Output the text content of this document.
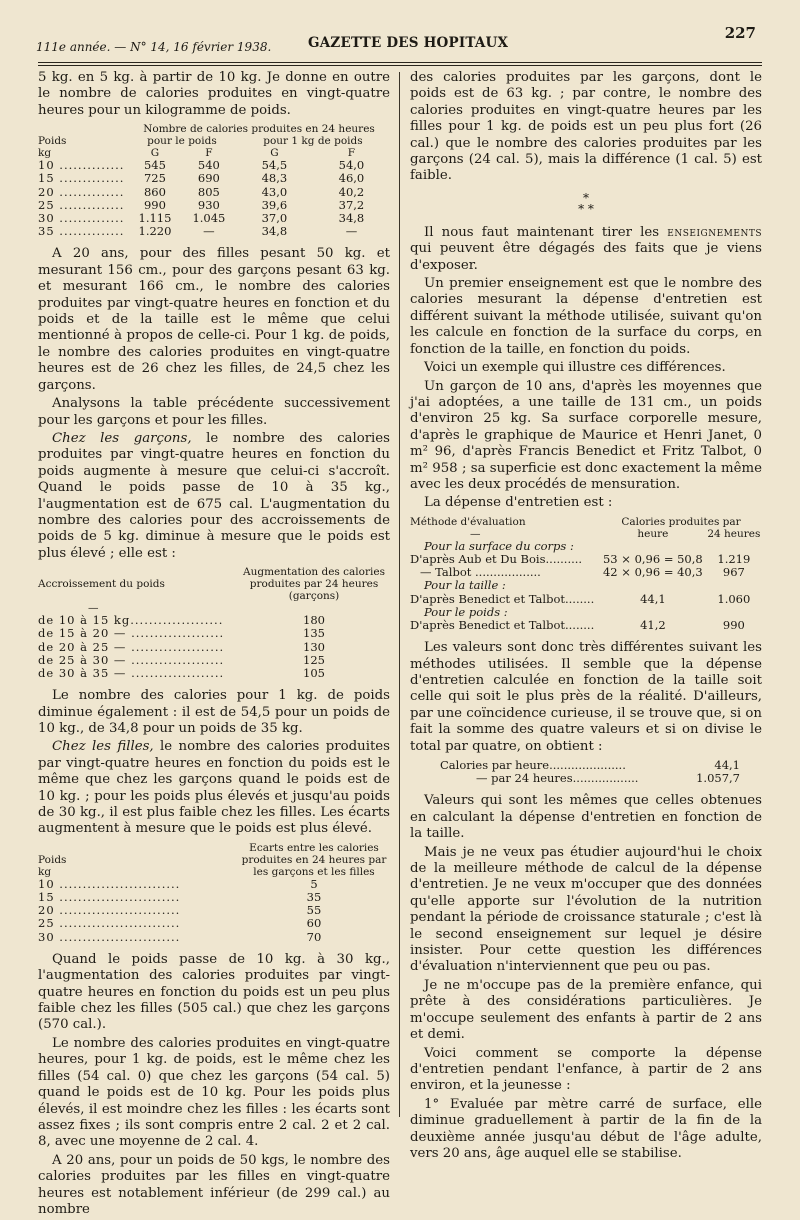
111e année. — N° 14, 16 février 1938.	GAZETTE DES HOPITAUX
227

5 kg. en 5 kg. à partir de 10 kg. Je donne en outre le nombre de calories produites en vingt-quatre heures pour un kilogramme de poids.

	Nombre de calories produites en 24 heures			
Poids	pour le poids		pour 1 kg de poids	
kg	G	F	G	F
10 ..............	545	540	54,5	54,0
15 ..............	725	690	48,3	46,0
20 ..............	860	805	43,0	40,2
25 ..............	990	930	39,6	37,2
30 ..............	1.115	1.045	37,0	34,8
35 ..............	1.220	—	34,8	—

A 20 ans, pour des filles pesant 50 kg. et mesurant 156 cm., pour des garçons pesant 63 kg. et mesurant 166 cm., le nombre des calories produites par vingt-quatre heures en fonction et du poids et de la taille est le même que celui mentionné à propos de celle-ci. Pour 1 kg. de poids, le nombre des calories produites en vingt-quatre heures est de 26 chez les filles, de 24,5 chez les garçons.

Analysons la table précédente successivement pour les garçons et pour les filles.

Chez les garçons, le nombre des calories produites par vingt-quatre heures en fonction du poids augmente à mesure que celui-ci s'accroît. Quand le poids passe de 10 à 35 kg., l'augmentation est de 675 cal. L'augmentation du nombre des calories pour des accroissements de poids de 5 kg. diminue à mesure que le poids est plus élevé ; elle est :

Accroissement du poids	Augmentation des calories produites par 24 heures (garçons)
—	
de 10 à 15 kg....................	180
de 15 à 20 — ....................	135
de 20 à 25 — ....................	130
de 25 à 30 — ....................	125
de 30 à 35 — ....................	105

Le nombre des calories pour 1 kg. de poids diminue également : il est de 54,5 pour un poids de 10 kg., de 34,8 pour un poids de 35 kg.

Chez les filles, le nombre des calories produites par vingt-quatre heures en fonction du poids est le même que chez les garçons quand le poids est de 10 kg. ; pour les poids plus élevés et jusqu'au poids de 30 kg., il est plus faible chez les filles. Les écarts augmentent à mesure que le poids est plus élevé.

Poids
kg	Ecarts entre les calories produites en 24 heures par les garçons et les filles
10 ..........................	5
15 ..........................	35
20 ..........................	55
25 ..........................	60
30 ..........................	70

Quand le poids passe de 10 kg. à 30 kg., l'augmentation des calories produites par vingt-quatre heures en fonction du poids est un peu plus faible chez les filles (505 cal.) que chez les garçons (570 cal.).

Le nombre des calories produites en vingt-quatre heures, pour 1 kg. de poids, est le même chez les filles (54 cal. 0) que chez les garçons (54 cal. 5) quand le poids est de 10 kg. Pour les poids plus élevés, il est moindre chez les filles : les écarts sont assez fixes ; ils sont compris entre 2 cal. 2 et 2 cal. 8, avec une moyenne de 2 cal. 4.

A 20 ans, pour un poids de 50 kgs, le nombre des calories produites par les filles en vingt-quatre heures est notablement inférieur (de 299 cal.) au nombre

des calories produites par les garçons, dont le poids est de 63 kg. ; par contre, le nombre des calories produites en vingt-quatre heures par les filles pour 1 kg. de poids est un peu plus fort (26 cal.) que le nombre des calories produites par les garçons (24 cal. 5), mais la différence (1 cal. 5) est faible.

*
* *

Il nous faut maintenant tirer les enseignements qui peuvent être dégagés des faits que je viens d'exposer.

Un premier enseignement est que le nombre des calories mesurant la dépense d'entretien est différent suivant la méthode utilisée, suivant qu'on les calcule en fonction de la surface du corps, en fonction de la taille, en fonction du poids.

Voici un exemple qui illustre ces différences.

Un garçon de 10 ans, d'après les moyennes que j'ai adoptées, a une taille de 131 cm., un poids d'environ 25 kg. Sa surface corporelle mesure, d'après le graphique de Maurice et Henri Janet, 0 m² 96, d'après Francis Benedict et Fritz Talbot, 0 m² 958 ; sa superficie est donc exactement la même avec les deux procédés de mensuration.

La dépense d'entretien est :

Méthode d'évaluation	Calories produites par	
—	heure	24 heures
Pour la surface du corps :		
D'après Aub et Du Bois..........	53 × 0,96 = 50,8	1.219
— Talbot ..................	42 × 0,96 = 40,3	967
Pour la taille :		
D'après Benedict et Talbot........	44,1	1.060
Pour le poids :		
D'après Benedict et Talbot........	41,2	990

Les valeurs sont donc très différentes suivant les méthodes utilisées. Il semble que la dépense d'entretien calculée en fonction de la taille soit celle qui soit le plus près de la réalité. D'ailleurs, par une coïncidence curieuse, il se trouve que, si on fait la somme des quatre valeurs et si on divise le total par quatre, on obtient :

Calories par heure.....................	44,1
— par 24 heures..................	1.057,7

Valeurs qui sont les mêmes que celles obtenues en calculant la dépense d'entretien en fonction de la taille.

Mais je ne veux pas étudier aujourd'hui le choix de la meilleure méthode de calcul de la dépense d'entretien. Je ne veux m'occuper que des données qu'elle apporte sur l'évolution de la nutrition pendant la période de croissance staturale ; c'est là le second enseignement sur lequel je désire insister. Pour cette question les différences d'évaluation n'interviennent que peu ou pas.

Je ne m'occupe pas de la première enfance, qui prête à des considérations particulières. Je m'occupe seulement des enfants à partir de 2 ans et demi.

Voici comment se comporte la dépense d'entretien pendant l'enfance, à partir de 2 ans environ, et la jeunesse :

1° Evaluée par mètre carré de surface, elle diminue graduellement à partir de la fin de la deuxième année jusqu'au début de l'âge adulte, vers 20 ans, âge auquel elle se stabilise.
